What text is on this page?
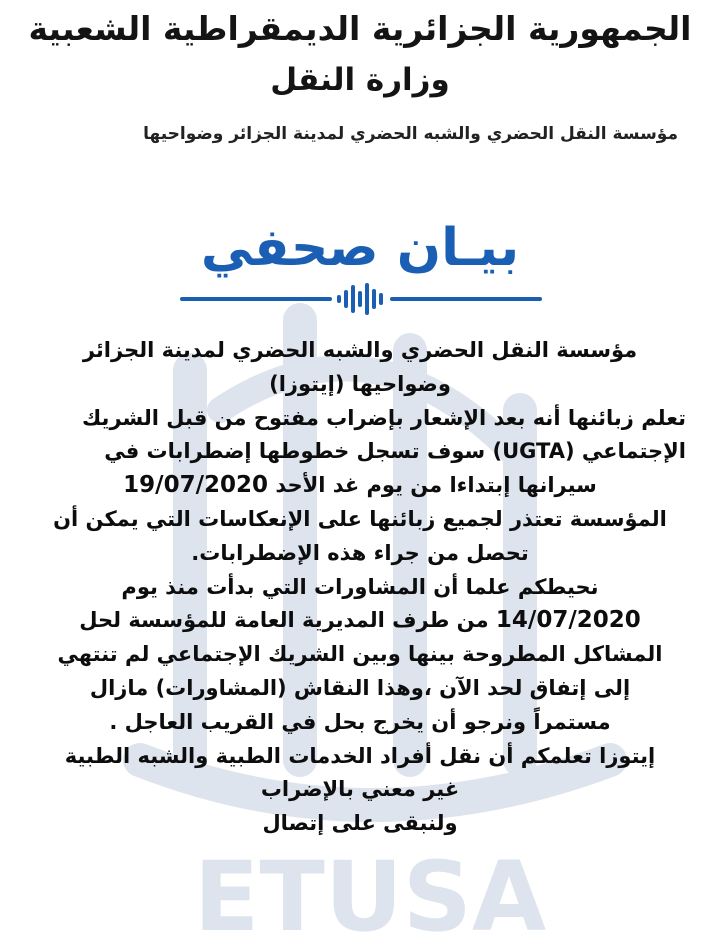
ETUSA
الجمهورية الجزائرية الديمقراطية الشعبية
وزارة النقل
مؤسسة النقل الحضري والشبه الحضري لمدينة الجزائر وضواحيها
بيـان صحفي
مؤسسة النقل الحضري والشبه الحضري لمدينة الجزائر
وضواحيها (إيتوزا)
تعلم زبائنها أنه بعد الإشعار بإضراب مفتوح من قبل الشريك
الإجتماعي (UGTA) سوف تسجل خطوطها إضطرابات في
سيرانها إبتداءا من يوم غد الأحد 19/07/2020
المؤسسة تعتذر لجميع زبائنها على الإنعكاسات التي يمكن أن
تحصل من جراء هذه الإضطرابات.
نحيطكم علما أن المشاورات التي بدأت منذ يوم
14/07/2020 من طرف المديرية العامة للمؤسسة لحل
المشاكل المطروحة بينها وبين الشريك الإجتماعي لم تنتهي
إلى إتفاق لحد الآن ،وهذا النقاش (المشاورات) مازال
مستمراً ونرجو أن يخرج بحل في القريب العاجل .
إيتوزا تعلمكم أن نقل أفراد الخدمات الطبية والشبه الطبية
غير معني بالإضراب
ولنبقى على إتصال
